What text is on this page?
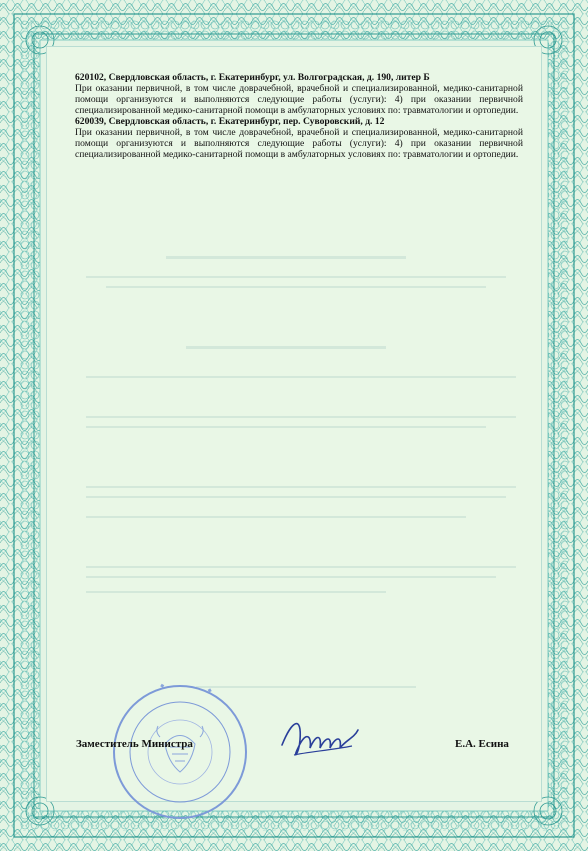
620102, Свердловская область, г. Екатеринбург, ул. Волгоградская, д. 190, литер Б

При оказании первичной, в том числе доврачебной, врачебной и специализированной, медико-санитарной помощи организуются и выполняются следующие работы (услуги): 4) при оказании первичной специализированной медико-санитарной помощи в амбулаторных условиях по: травматологии и ортопедии.

620039, Свердловская область, г. Екатеринбург, пер. Суворовский, д. 12

При оказании первичной, в том числе доврачебной, врачебной и специализированной, медико-санитарной помощи организуются и выполняются следующие работы (услуги): 4) при оказании первичной специализированной медико-санитарной помощи в амбулаторных условиях по: травматологии и ортопедии.

Заместитель Министра	Е.А. Есина
